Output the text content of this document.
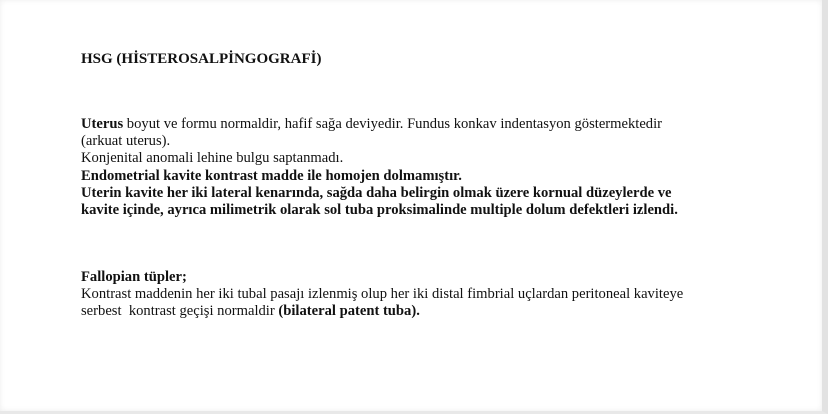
HSG (HİSTEROSALPİNGOGRAFİ)
Uterus boyut ve formu normaldir, hafif sağa deviyedir. Fundus konkav indentasyon göstermektedir
(arkuat uterus).
Konjenital anomali lehine bulgu saptanmadı.
Endometrial kavite kontrast madde ile homojen dolmamıştır.
Uterin kavite her iki lateral kenarında, sağda daha belirgin olmak üzere kornual düzeylerde ve
kavite içinde, ayrıca milimetrik olarak sol tuba proksimalinde multiple dolum defektleri izlendi.
Fallopian tüpler;
Kontrast maddenin her iki tubal pasajı izlenmiş olup her iki distal fimbrial uçlardan peritoneal kaviteye
serbest  kontrast geçişi normaldir (bilateral patent tuba).
